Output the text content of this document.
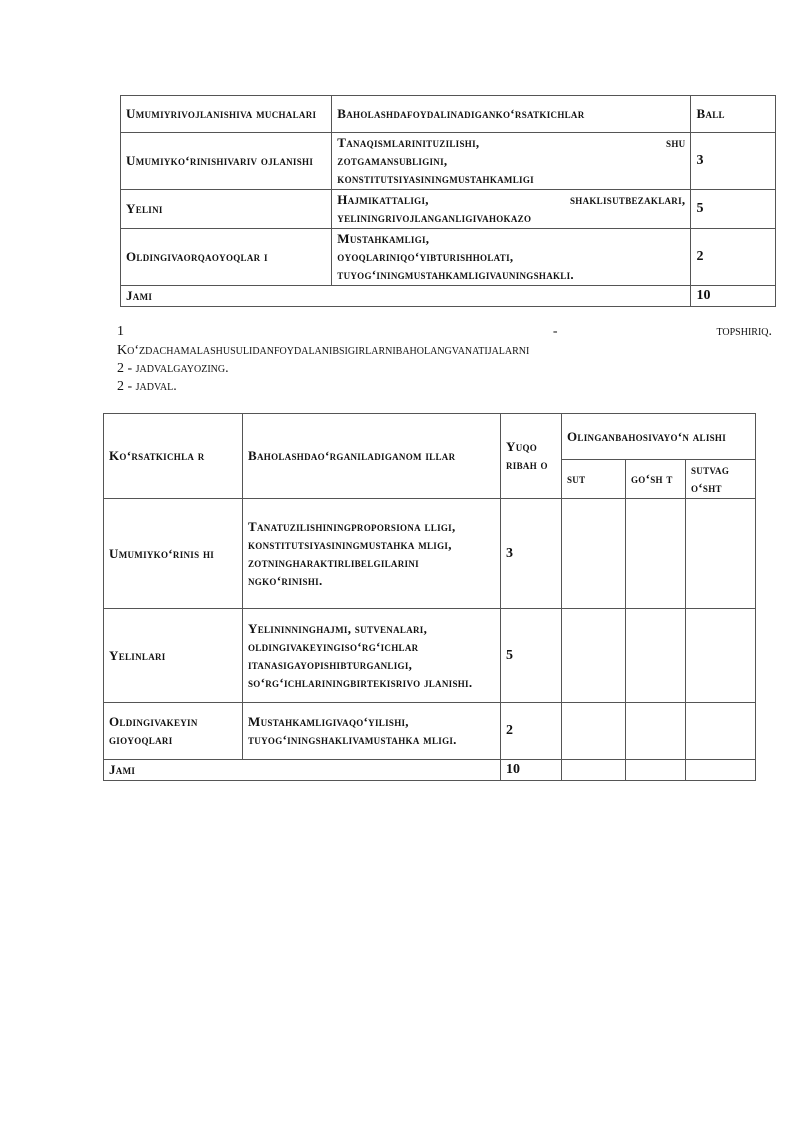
Umumiyrivojlanishiva muchalari	Baholashdafoydalinadiganko‘rsatkichlar	Ball
Umumiyko‘rinishivariv ojlanishi	Tanaqismlarinituzilishi, shu
zotgamansubligini,
konstitutsiyasiningmustahkamligi	3
Yelini	Hajmikattaligi, shaklisutbezaklari,
yeliningrivojlanganligivahokazo	5
Oldingivaorqaoyoqlar i	Mustahkamligi,
oyoqlariniqo‘yibturishholati,
tuyog‘iningmustahkamligivauningshakli.	2
Jami		10
1	-	topshiriq.
Ko‘zdachamalashusulidanfoydalanibsigirlarnibaholangvanatijalarni
2 - jadvalgayozing.
2 - jadval.
Ko‘rsatkichla r	Baholashdao‘rganiladiganom illar	Yuqo ribah o	Olinganbahosivayo‘n alishi		
			sut	go‘sh t	sutvag o‘sht
Umumiyko‘rinis hi	Tanatuzilishiningproporsiona lligi, konstitutsiyasiningmustahka mligi, zotningharaktirlibelgilarini ngko‘rinishi.	3			
Yelinlari	Yelininninghajmi, sutvenalari, oldingivakeyingiso‘rg‘ichlar itanasigayopishibturganligi, so‘rg‘ichlariningbirtekisrivo jlanishi.	5			
Oldingivakeyin gioyoqlari	Mustahkamligivaqo‘yilishi, tuyog‘iningshaklivamustahka mligi.	2			
Jami		10			
